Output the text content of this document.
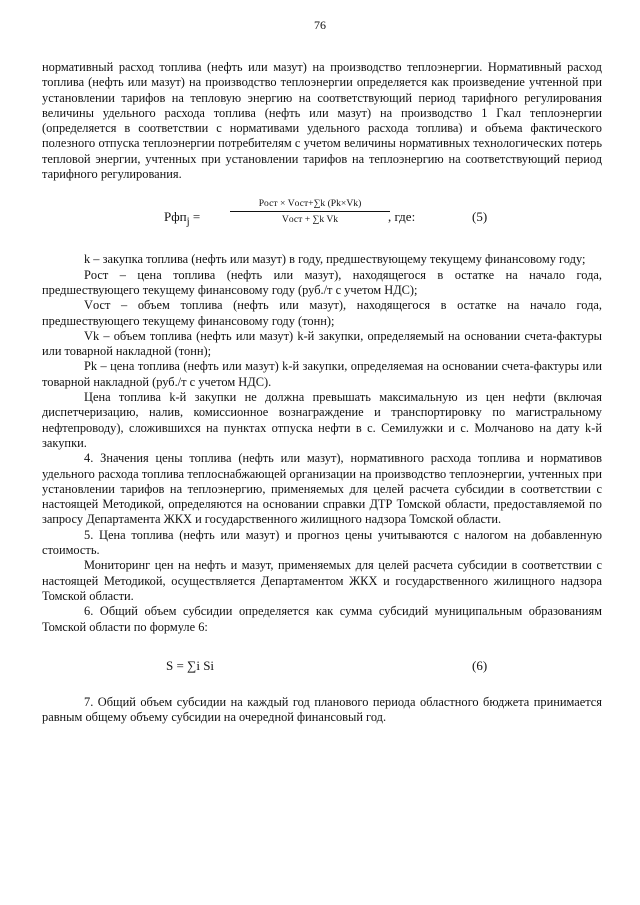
76

нормативный расход топлива (нефть или мазут) на производство теплоэнергии. Нормативный расход топлива (нефть или мазут) на производство теплоэнергии определяется как произведение учтенной при установлении тарифов на тепловую энергию на соответствующий период тарифного регулирования величины удельного расхода топлива (нефть или мазут) на производство 1 Гкал теплоэнергии (определяется в соответствии с нормативами удельного расхода топлива) и объема фактического полезного отпуска теплоэнергии потребителям с учетом величины нормативных технологических потерь тепловой энергии, учтенных при установлении тарифов на теплоэнергию на соответствующий период тарифного регулирования.

Рфп$_j$ =
Pост × Vост+∑k (Pk×Vk)
Vост + ∑k Vk	, где:	(5)

k – закупка топлива (нефть или мазут) в году, предшествующему текущему финансовому году;

Pост – цена топлива (нефть или мазут), находящегося в остатке на начало года, предшествующего текущему финансовому году (руб./т с учетом НДС);

Vост – объем топлива (нефть или мазут), находящегося в остатке на начало года, предшествующего текущему финансовому году (тонн);

Vk – объем топлива (нефть или мазут) k-й закупки, определяемый на основании счета-фактуры или товарной накладной (тонн);

Pk – цена топлива (нефть или мазут) k-й закупки, определяемая на основании счета-фактуры или товарной накладной (руб./т с учетом НДС).

Цена топлива k-й закупки не должна превышать максимальную из цен нефти (включая диспетчеризацию, налив, комиссионное вознаграждение и транспортировку по магистральному нефтепроводу), сложившихся на пунктах отпуска нефти в с. Семилужки и с. Молчаново на дату k-й закупки.

4. Значения цены топлива (нефть или мазут), нормативного расхода топлива и нормативов удельного расхода топлива теплоснабжающей организации на производство теплоэнергии, учтенных при установлении тарифов на теплоэнергию, применяемых для целей расчета субсидии в соответствии с настоящей Методикой, определяются на основании справки ДТР Томской области, предоставляемой по запросу Департамента ЖКХ и государственного жилищного надзора Томской области.

5. Цена топлива (нефть или мазут) и прогноз цены учитываются с налогом на добавленную стоимость.

Мониторинг цен на нефть и мазут, применяемых для целей расчета субсидии в соответствии с настоящей Методикой, осуществляется Департаментом ЖКХ и государственного жилищного надзора Томской области.

6. Общий объем субсидии определяется как сумма субсидий муниципальным образованиям Томской области по формуле 6:

S = ∑i Si	(6)

7. Общий объем субсидии на каждый год планового периода областного бюджета принимается равным общему объему субсидии на очередной финансовый год.
